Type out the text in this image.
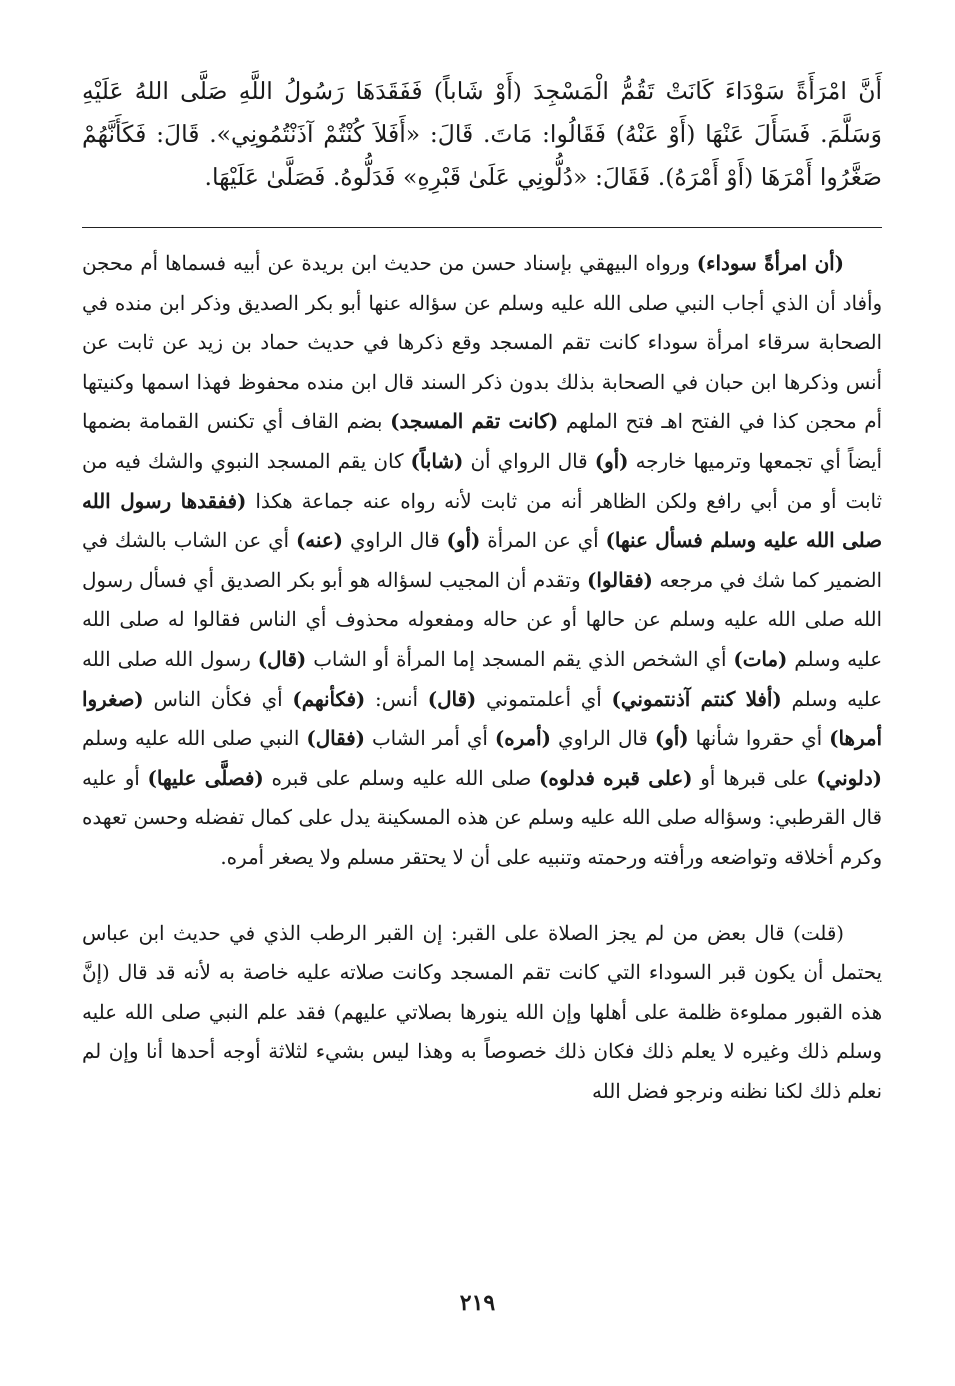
أَنَّ امْرَأَةً سَوْدَاءَ كَانَتْ تَقُمُّ الْمَسْجِدَ (أَوْ شَاباً) فَفَقَدَهَا رَسُولُ اللَّهِ صَلَّى اللهُ عَلَيْهِ وَسَلَّمَ. فَسَأَلَ عَنْهَا (أَوْ عَنْهُ) فَقَالُوا: مَاتَ. قَالَ: «أَفَلاَ كُنْتُمْ آذَنْتُمُونِي». قَالَ: فَكَأَنَّهُمْ صَغَّرُوا أَمْرَهَا (أَوْ أَمْرَهُ). فَقَالَ: «دُلُّونِي عَلَىٰ قَبْرِهِ» فَدَلُّوهُ. فَصَلَّىٰ عَلَيْهَا.

(أن امرأةً سوداء) ورواه البيهقي بإسناد حسن من حديث ابن بريدة عن أبيه فسماها أم محجن وأفاد أن الذي أجاب النبي صلى الله عليه وسلم عن سؤاله عنها أبو بكر الصديق وذكر ابن منده في الصحابة سرقاء امرأة سوداء كانت تقم المسجد وقع ذكرها في حديث حماد بن زيد عن ثابت عن أنس وذكرها ابن حبان في الصحابة بذلك بدون ذكر السند قال ابن منده محفوظ فهذا اسمها وكنيتها أم محجن كذا في الفتح اهـ فتح الملهم (كانت تقم المسجد) بضم القاف أي تكنس القمامة بضمها أيضاً أي تجمعها وترميها خارجه (أو) قال الرواي أن (شاباً) كان يقم المسجد النبوي والشك فيه من ثابت أو من أبي رافع ولكن الظاهر أنه من ثابت لأنه رواه عنه جماعة هكذا (ففقدها رسول الله صلى الله عليه وسلم فسأل عنها) أي عن المرأة (أو) قال الراوي (عنه) أي عن الشاب بالشك في الضمير كما شك في مرجعه (فقالوا) وتقدم أن المجيب لسؤاله هو أبو بكر الصديق أي فسأل رسول الله صلى الله عليه وسلم عن حالها أو عن حاله ومفعوله محذوف أي الناس فقالوا له صلى الله عليه وسلم (مات) أي الشخص الذي يقم المسجد إما المرأة أو الشاب (قال) رسول الله صلى الله عليه وسلم (أفلا كنتم آذنتموني) أي أعلمتموني (قال) أنس: (فكأنهم) أي فكأن الناس (صغروا أمرها) أي حقروا شأنها (أو) قال الراوي (أمره) أي أمر الشاب (فقال) النبي صلى الله عليه وسلم (دلوني) على قبرها أو (على قبره فدلوه) صلى الله عليه وسلم على قبره (فصلَّى عليها) أو عليه قال القرطبي: وسؤاله صلى الله عليه وسلم عن هذه المسكينة يدل على كمال تفضله وحسن تعهده وكرم أخلاقه وتواضعه ورأفته ورحمته وتنبيه على أن لا يحتقر مسلم ولا يصغر أمره.

(قلت) قال بعض من لم يجز الصلاة على القبر: إن القبر الرطب الذي في حديث ابن عباس يحتمل أن يكون قبر السوداء التي كانت تقم المسجد وكانت صلاته عليه خاصة به لأنه قد قال (إنَّ هذه القبور مملوءة ظلمة على أهلها وإن الله ينورها بصلاتي عليهم) فقد علم النبي صلى الله عليه وسلم ذلك وغيره لا يعلم ذلك فكان ذلك خصوصاً به وهذا ليس بشيء لثلاثة أوجه أحدها أنا وإن لم نعلم ذلك لكنا نظنه ونرجو فضل الله

٢١٩
